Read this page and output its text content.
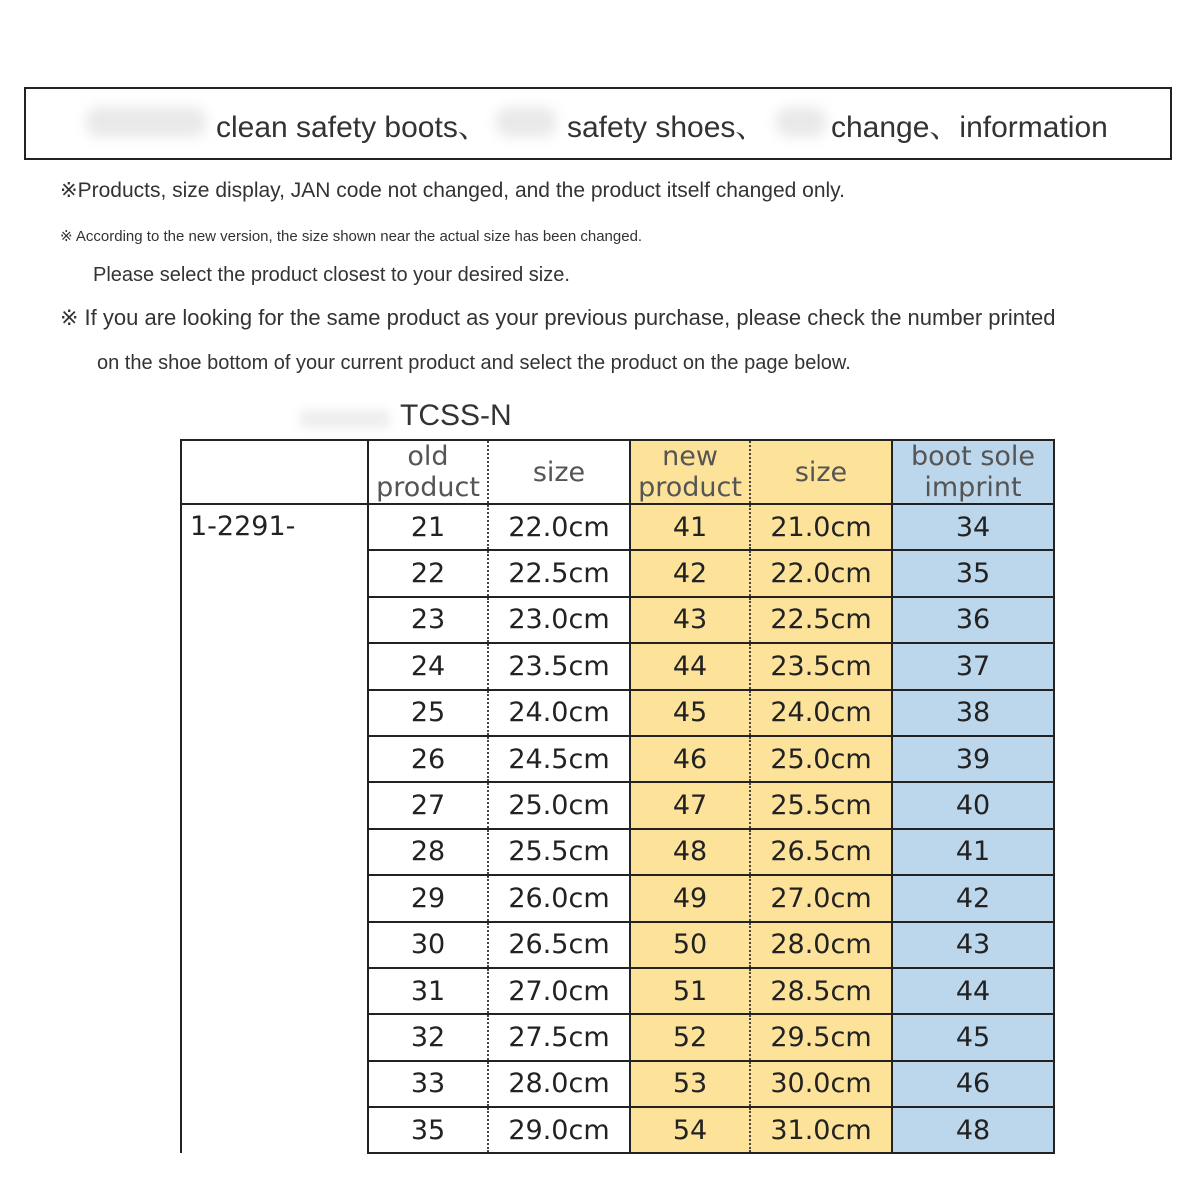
clean safety boots、	safety shoes、 change、information
※Products, size display, JAN code not changed, and the product itself changed only.
※ According to the new version, the size shown near the actual size has been changed.
Please select the product closest to your desired size.
※ If you are looking for the same product as your previous purchase, please check the number printed
on the shoe bottom of your current product and select the product on the page below.
TCSS-N
	old product	size	new product	size	boot sole imprint
1-2291-	21	22.0cm	41	21.0cm	34
	22	22.5cm	42	22.0cm	35
	23	23.0cm	43	22.5cm	36
	24	23.5cm	44	23.5cm	37
	25	24.0cm	45	24.0cm	38
	26	24.5cm	46	25.0cm	39
	27	25.0cm	47	25.5cm	40
	28	25.5cm	48	26.5cm	41
	29	26.0cm	49	27.0cm	42
	30	26.5cm	50	28.0cm	43
	31	27.0cm	51	28.5cm	44
	32	27.5cm	52	29.5cm	45
	33	28.0cm	53	30.0cm	46
	35	29.0cm	54	31.0cm	48
